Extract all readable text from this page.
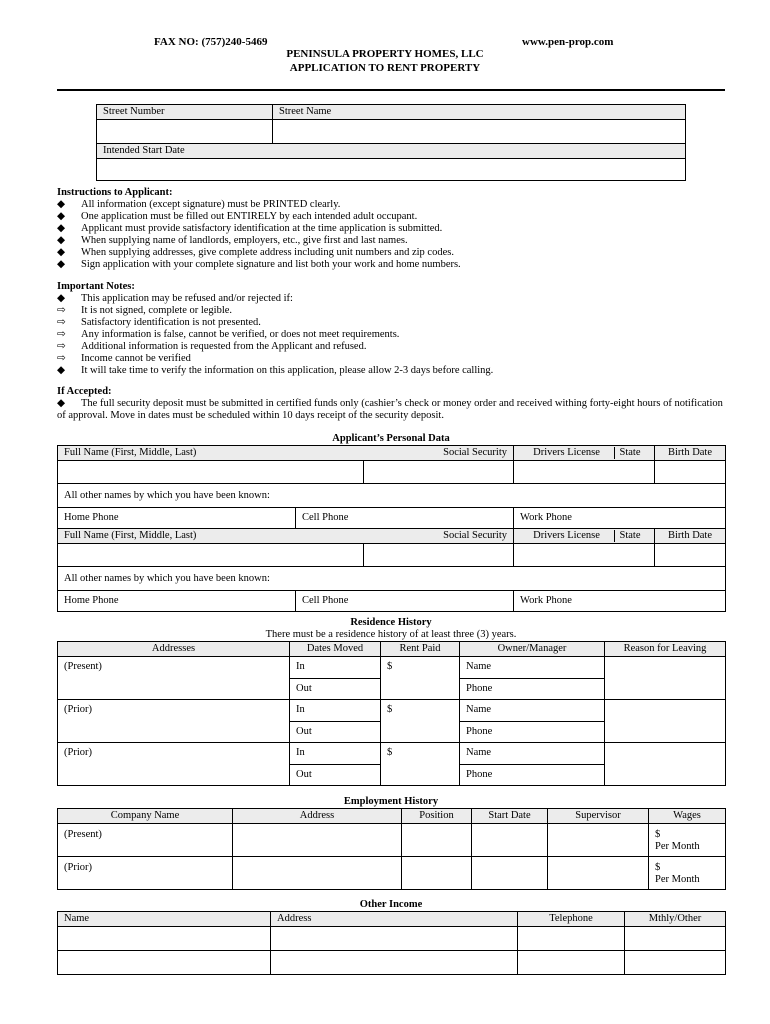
FAX NO: (757)240-5469	www.pen-prop.com
PENINSULA PROPERTY HOMES, LLC
APPLICATION TO RENT PROPERTY
Street Number	Street Name

Intended Start Date	

Instructions to Applicant:
◆ All information (except signature) must be PRINTED clearly.
◆ One application must be filled out ENTIRELY by each intended adult occupant.
◆ Applicant must provide satisfactory identification at the time application is submitted.
◆ When supplying name of landlords, employers, etc., give first and last names.
◆ When supplying addresses, give complete address including unit numbers and zip codes.
◆ Sign application with your complete signature and list both your work and home numbers.
Important Notes:
◆ This application may be refused and/or rejected if:
⇨ It is not signed, complete or legible.
⇨ Satisfactory identification is not presented.
⇨ Any information is false, cannot be verified, or does not meet requirements.
⇨ Additional information is requested from the Applicant and refused.
⇨ Income cannot be verified
◆ It will take time to verify the information on this application, please allow 2-3 days before calling.
If Accepted:
◆ The full security deposit must be submitted in certified funds only (cashier’s check or money order and received withing forty-eight hours of notification of approval. Move in dates must be scheduled within 10 days receipt of the security deposit.
Applicant’s Personal Data
Full Name (First, Middle, Last)		Social Security	Drivers License State	Birth Date

All other names by which you have been known:				
Home Phone	Cell Phone		Work Phone	
Full Name (First, Middle, Last)		Social Security	Drivers License State	Birth Date

All other names by which you have been known:				
Home Phone	Cell Phone		Work Phone	
Residence History
There must be a residence history of at least three (3) years.
Addresses	Dates Moved	Rent Paid	Owner/Manager	Reason for Leaving
(Present)	In	$	Name	
	Out		Phone	
(Prior)	In	$	Name	
	Out		Phone	
(Prior)	In	$	Name	
	Out		Phone	
Employment History
Company Name	Address	Position	Start Date	Supervisor	Wages
(Present)					$
Per Month

(Prior)					$
Per Month
Other Income
Name	Address	Telephone	Mthly/Other
